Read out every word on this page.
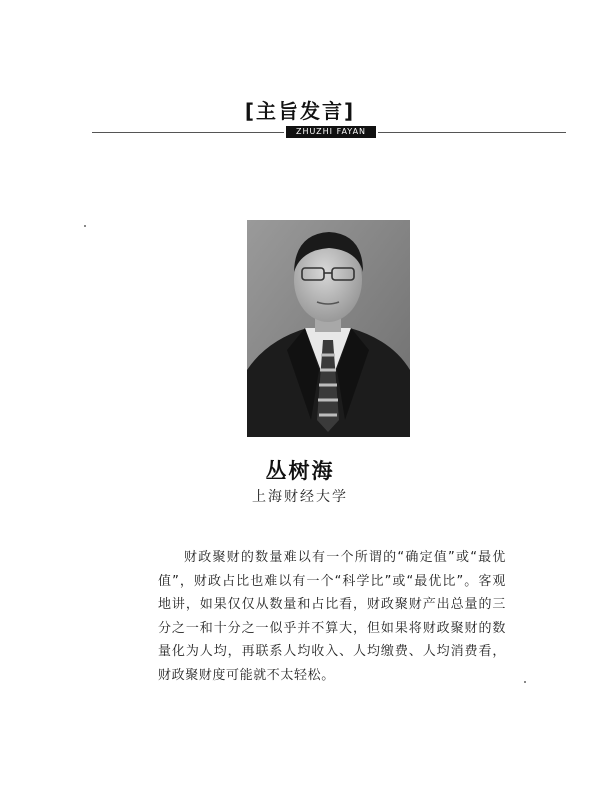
[主旨发言]
ZHUZHI FAYAN
丛树海
上海财经大学

财政聚财的数量难以有一个所谓的“确定值”或“最优值”，财政占比也难以有一个“科学比”或“最优比”。客观地讲，如果仅仅从数量和占比看，财政聚财产出总量的三分之一和十分之一似乎并不算大，但如果将财政聚财的数量化为人均，再联系人均收入、人均缴费、人均消费看，财政聚财度可能就不太轻松。
